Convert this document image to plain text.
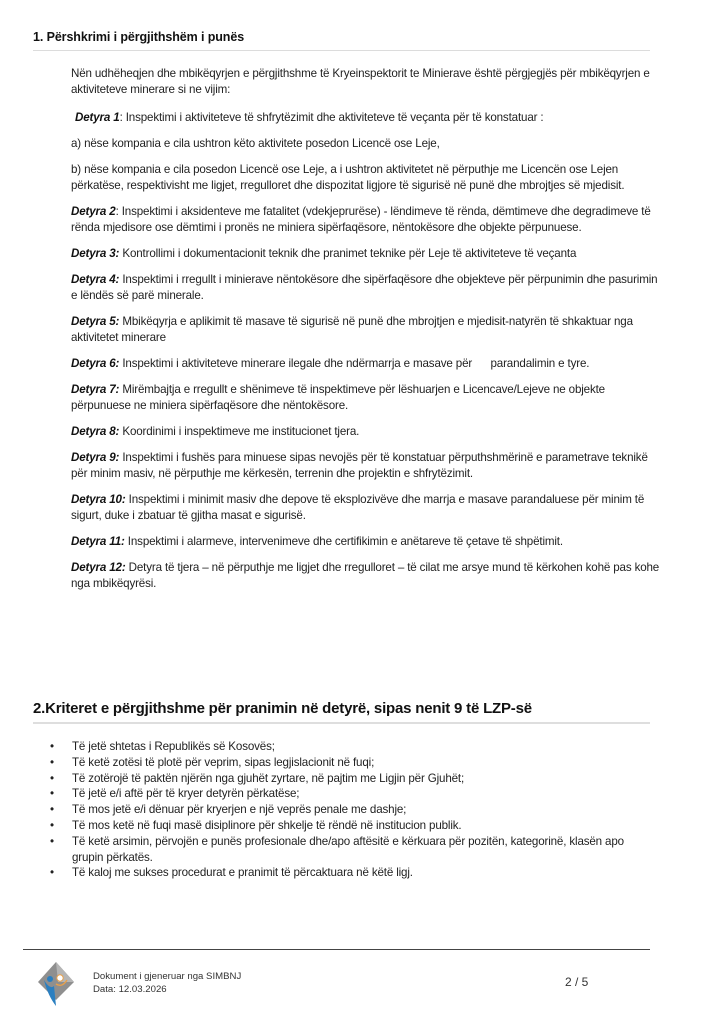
1. Përshkrimi i përgjithshëm i punës

Nën udhëheqjen dhe mbikëqyrjen e përgjithshme të Kryeinspektorit te Minierave është përgjegjës për mbikëqyrjen e aktiviteteve minerare si ne vijim:

Detyra 1: Inspektimi i aktiviteteve të shfrytëzimit dhe aktiviteteve të veçanta për të konstatuar :

a) nëse kompania e cila ushtron këto aktivitete posedon Licencë ose Leje,

b) nëse kompania e cila posedon Licencë ose Leje, a i ushtron aktivitetet në përputhje me Licencën ose Lejen përkatëse, respektivisht me ligjet, rregulloret dhe dispozitat ligjore të sigurisë në punë dhe mbrojtjes së mjedisit.

Detyra 2: Inspektimi i aksidenteve me fatalitet (vdekjeprurëse) - lëndimeve të rënda, dëmtimeve dhe degradimeve të rënda mjedisore ose dëmtimi i pronës ne miniera sipërfaqësore, nëntokësore dhe objekte përpunuese.

Detyra 3: Kontrollimi i dokumentacionit teknik dhe pranimet teknike për Leje të aktiviteteve të veçanta

Detyra 4: Inspektimi i rregullt i minierave nëntokësore dhe sipërfaqësore dhe objekteve për përpunimin dhe pasurimin e lëndës së parë minerale.

Detyra 5: Mbikëqyrja e aplikimit të masave të sigurisë në punë dhe mbrojtjen e mjedisit-natyrën të shkaktuar nga aktivitetet minerare

Detyra 6: Inspektimi i aktiviteteve minerare ilegale dhe ndërmarrja e masave për      parandalimin e tyre.

Detyra 7: Mirëmbajtja e rregullt e shënimeve të inspektimeve për lëshuarjen e Licencave/Lejeve ne objekte përpunuese ne miniera sipërfaqësore dhe nëntokësore.

Detyra 8: Koordinimi i inspektimeve me institucionet tjera.

Detyra 9: Inspektimi i fushës para minuese sipas nevojës për të konstatuar përputhshmërinë e parametrave teknikë për minim masiv, në përputhje me kërkesën, terrenin dhe projektin e shfrytëzimit.

Detyra 10: Inspektimi i minimit masiv dhe depove të eksplozivëve dhe marrja e masave parandaluese për minim të sigurt, duke i zbatuar të gjitha masat e sigurisë.

Detyra 11: Inspektimi i alarmeve, intervenimeve dhe certifikimin e anëtareve të çetave të shpëtimit.

Detyra 12: Detyra të tjera – në përputhje me ligjet dhe rregulloret – të cilat me arsye mund të kërkohen kohë pas kohe nga mbikëqyrësi.

2.Kriteret e përgjithshme për pranimin në detyrë, sipas nenit 9 të LZP-së
• Të jetë shtetas i Republikës së Kosovës;
• Të ketë zotësi të plotë për veprim, sipas legjislacionit në fuqi;
• Të zotërojë të paktën njërën nga gjuhët zyrtare, në pajtim me Ligjin për Gjuhët;
• Të jetë e/i aftë për të kryer detyrën përkatëse;
• Të mos jetë e/i dënuar për kryerjen e një veprës penale me dashje;
• Të mos ketë në fuqi masë disiplinore për shkelje të rëndë në institucion publik.
• Të ketë arsimin, përvojën e punës profesionale dhe/apo aftësitë e kërkuara për pozitën, kategorinë, klasën apo grupin përkatës.
• Të kaloj me sukses procedurat e pranimit të përcaktuara në këtë ligj.
Dokument i gjeneruar nga SIMBNJ
Data: 12.03.2026
2 / 5
